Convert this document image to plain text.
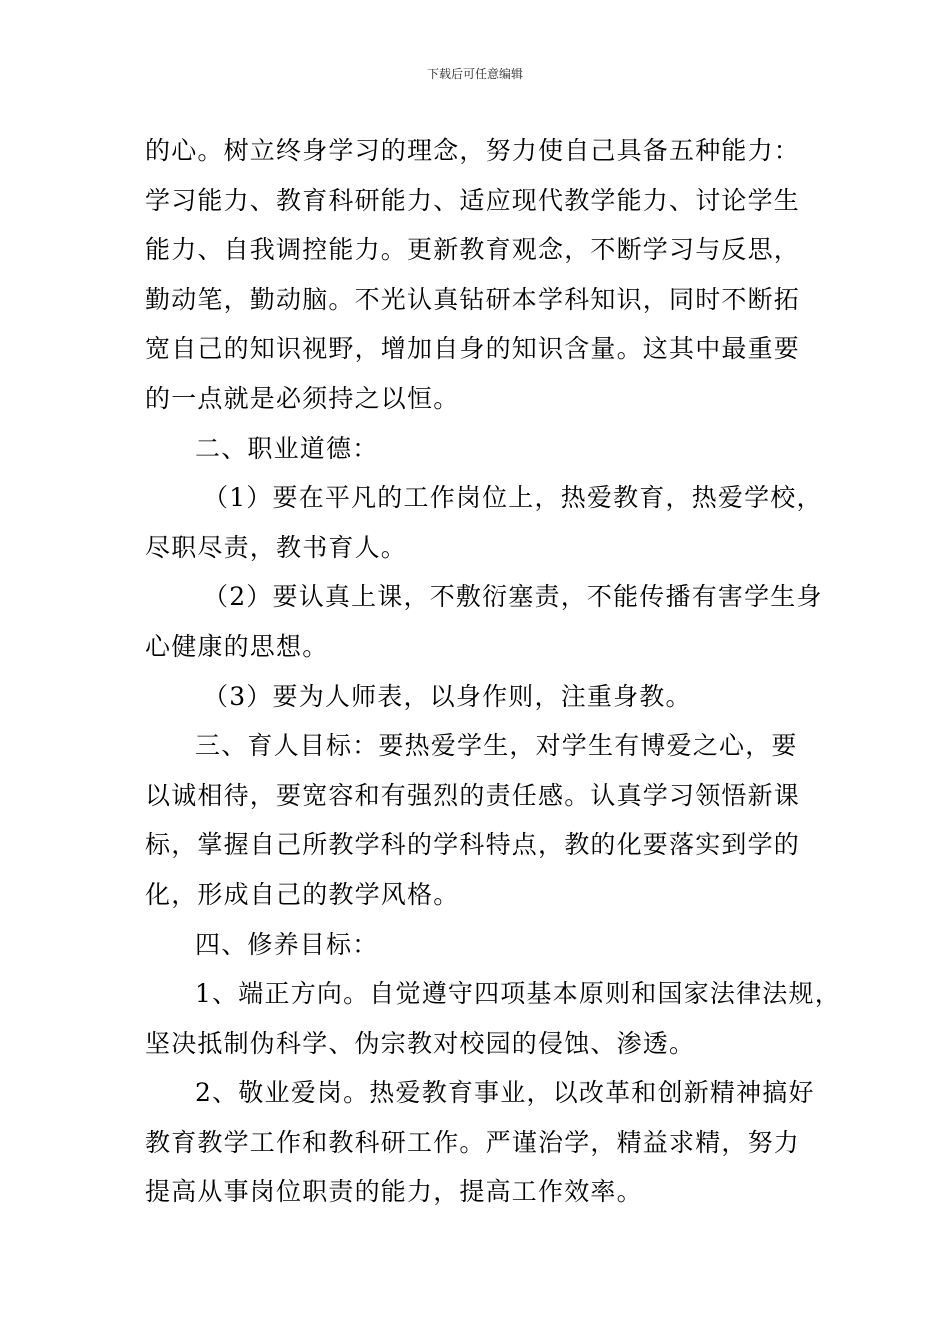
下载后可任意编辑
的心。树立终身学习的理念，努力使自己具备五种能力：
学习能力、教育科研能力、适应现代教学能力、讨论学生
能力、自我调控能力。更新教育观念，不断学习与反思，
勤动笔，勤动脑。不光认真钻研本学科知识，同时不断拓
宽自己的知识视野，增加自身的知识含量。这其中最重要
的一点就是必须持之以恒。
二、职业道德：
（1）要在平凡的工作岗位上，热爱教育，热爱学校，
尽职尽责，教书育人。
（2）要认真上课，不敷衍塞责，不能传播有害学生身
心健康的思想。
（3）要为人师表，以身作则，注重身教。
三、育人目标：要热爱学生，对学生有博爱之心，要
以诚相待，要宽容和有强烈的责任感。认真学习领悟新课
标，掌握自己所教学科的学科特点，教的化要落实到学的
化，形成自己的教学风格。
四、修养目标：
1、端正方向。自觉遵守四项基本原则和国家法律法规，
坚决抵制伪科学、伪宗教对校园的侵蚀、渗透。
2、敬业爱岗。热爱教育事业，以改革和创新精神搞好
教育教学工作和教科研工作。严谨治学，精益求精，努力
提高从事岗位职责的能力，提高工作效率。
